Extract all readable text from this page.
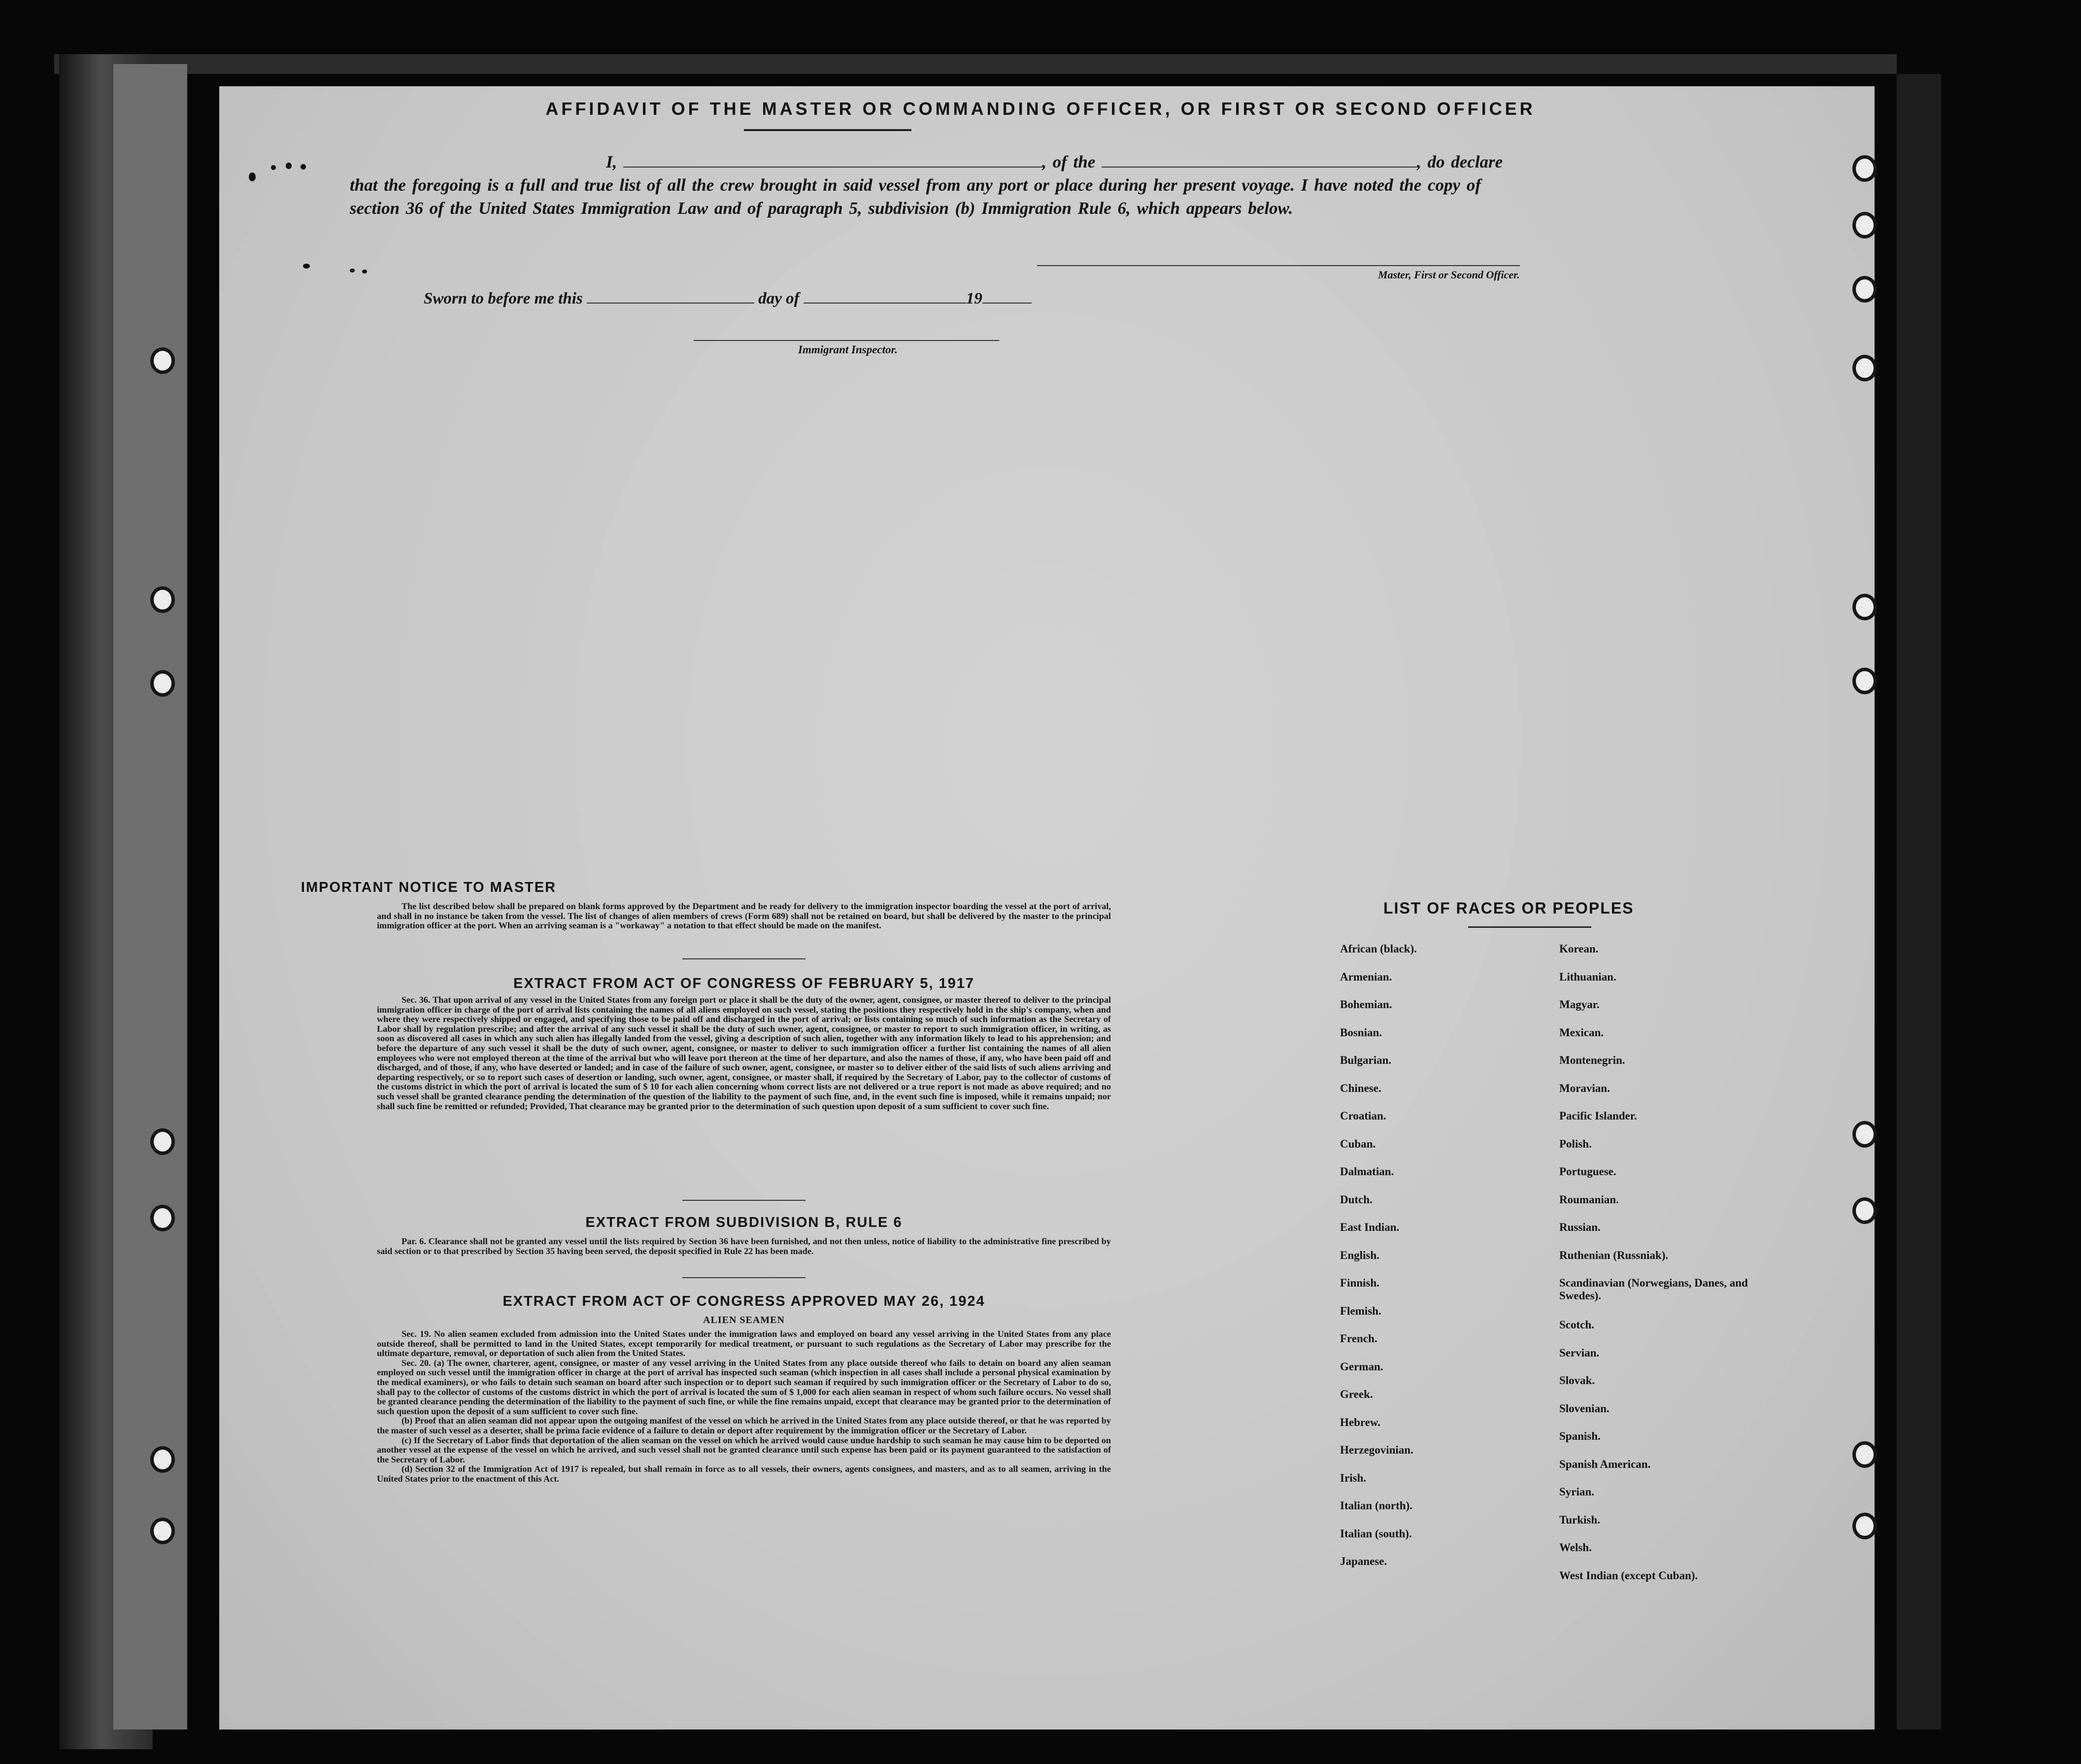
AFFIDAVIT OF THE MASTER OR COMMANDING OFFICER, OR FIRST OR SECOND OFFICER
I,	, of the	, do declare
that the foregoing is a full and true list of all the crew brought in said vessel from any port or place during her present voyage. I have noted the copy of section 36 of the United States Immigration Law and of paragraph 5, subdivision (b) Immigration Rule 6, which appears below.
Master, First or Second Officer.
Sworn to before me this	day of	19
Immigrant Inspector.
IMPORTANT NOTICE TO MASTER
The list described below shall be prepared on blank forms approved by the Department and be ready for delivery to the immigration inspector boarding the vessel at the port of arrival, and shall in no instance be taken from the vessel. The list of changes of alien members of crews (Form 689) shall not be retained on board, but shall be delivered by the master to the principal immigration officer at the port. When an arriving seaman is a "workaway" a notation to that effect should be made on the manifest.
EXTRACT FROM ACT OF CONGRESS OF FEBRUARY 5, 1917
Sec. 36. That upon arrival of any vessel in the United States from any foreign port or place it shall be the duty of the owner, agent, consignee, or master thereof to deliver to the principal immigration officer in charge of the port of arrival lists containing the names of all aliens employed on such vessel, stating the positions they respectively hold in the ship's company, when and where they were respectively shipped or engaged, and specifying those to be paid off and discharged in the port of arrival; or lists containing so much of such information as the Secretary of Labor shall by regulation prescribe; and after the arrival of any such vessel it shall be the duty of such owner, agent, consignee, or master to report to such immigration officer, in writing, as soon as discovered all cases in which any such alien has illegally landed from the vessel, giving a description of such alien, together with any information likely to lead to his apprehension; and before the departure of any such vessel it shall be the duty of such owner, agent, consignee, or master to deliver to such immigration officer a further list containing the names of all alien employees who were not employed thereon at the time of the arrival but who will leave port thereon at the time of her departure, and also the names of those, if any, who have been paid off and discharged, and of those, if any, who have deserted or landed; and in case of the failure of such owner, agent, consignee, or master so to deliver either of the said lists of such aliens arriving and departing respectively, or so to report such cases of desertion or landing, such owner, agent, consignee, or master shall, if required by the Secretary of Labor, pay to the collector of customs of the customs district in which the port of arrival is located the sum of $ 10 for each alien concerning whom correct lists are not delivered or a true report is not made as above required; and no such vessel shall be granted clearance pending the determination of the question of the liability to the payment of such fine, and, in the event such fine is imposed, while it remains unpaid; nor shall such fine be remitted or refunded; Provided, That clearance may be granted prior to the determination of such question upon deposit of a sum sufficient to cover such fine.
EXTRACT FROM SUBDIVISION B, RULE 6
Par. 6. Clearance shall not be granted any vessel until the lists required by Section 36 have been furnished, and not then unless, notice of liability to the administrative fine prescribed by said section or to that prescribed by Section 35 having been served, the deposit specified in Rule 22 has been made.
EXTRACT FROM ACT OF CONGRESS APPROVED MAY 26, 1924
ALIEN SEAMEN
Sec. 19. No alien seamen excluded from admission into the United States under the immigration laws and employed on board any vessel arriving in the United States from any place outside thereof, shall be permitted to land in the United States, except temporarily for medical treatment, or pursuant to such regulations as the Secretary of Labor may prescribe for the ultimate departure, removal, or deportation of such alien from the United States.
Sec. 20. (a) The owner, charterer, agent, consignee, or master of any vessel arriving in the United States from any place outside thereof who fails to detain on board any alien seaman employed on such vessel until the immigration officer in charge at the port of arrival has inspected such seaman (which inspection in all cases shall include a personal physical examination by the medical examiners), or who fails to detain such seaman on board after such inspection or to deport such seaman if required by such immigration officer or the Secretary of Labor to do so, shall pay to the collector of customs of the customs district in which the port of arrival is located the sum of $ 1,000 for each alien seaman in respect of whom such failure occurs. No vessel shall be granted clearance pending the determination of the liability to the payment of such fine, or while the fine remains unpaid, except that clearance may be granted prior to the determination of such question upon the deposit of a sum sufficient to cover such fine.
(b) Proof that an alien seaman did not appear upon the outgoing manifest of the vessel on which he arrived in the United States from any place outside thereof, or that he was reported by the master of such vessel as a deserter, shall be prima facie evidence of a failure to detain or deport after requirement by the immigration officer or the Secretary of Labor.
(c) If the Secretary of Labor finds that deportation of the alien seaman on the vessel on which he arrived would cause undue hardship to such seaman he may cause him to be deported on another vessel at the expense of the vessel on which he arrived, and such vessel shall not be granted clearance until such expense has been paid or its payment guaranteed to the satisfaction of the Secretary of Labor.
(d) Section 32 of the Immigration Act of 1917 is repealed, but shall remain in force as to all vessels, their owners, agents consignees, and masters, and as to all seamen, arriving in the United States prior to the enactment of this Act.
LIST OF RACES OR PEOPLES
African (black).
Armenian.
Bohemian.
Bosnian.
Bulgarian.
Chinese.
Croatian.
Cuban.
Dalmatian.
Dutch.
East Indian.
English.
Finnish.
Flemish.
French.
German.
Greek.
Hebrew.
Herzegovinian.
Irish.
Italian (north).
Italian (south).
Japanese.
Korean.
Lithuanian.
Magyar.
Mexican.
Montenegrin.
Moravian.
Pacific Islander.
Polish.
Portuguese.
Roumanian.
Russian.
Ruthenian (Russniak).
Scandinavian (Norwegians, Danes, and Swedes).
Scotch.
Servian.
Slovak.
Slovenian.
Spanish.
Spanish American.
Syrian.
Turkish.
Welsh.
West Indian (except Cuban).
